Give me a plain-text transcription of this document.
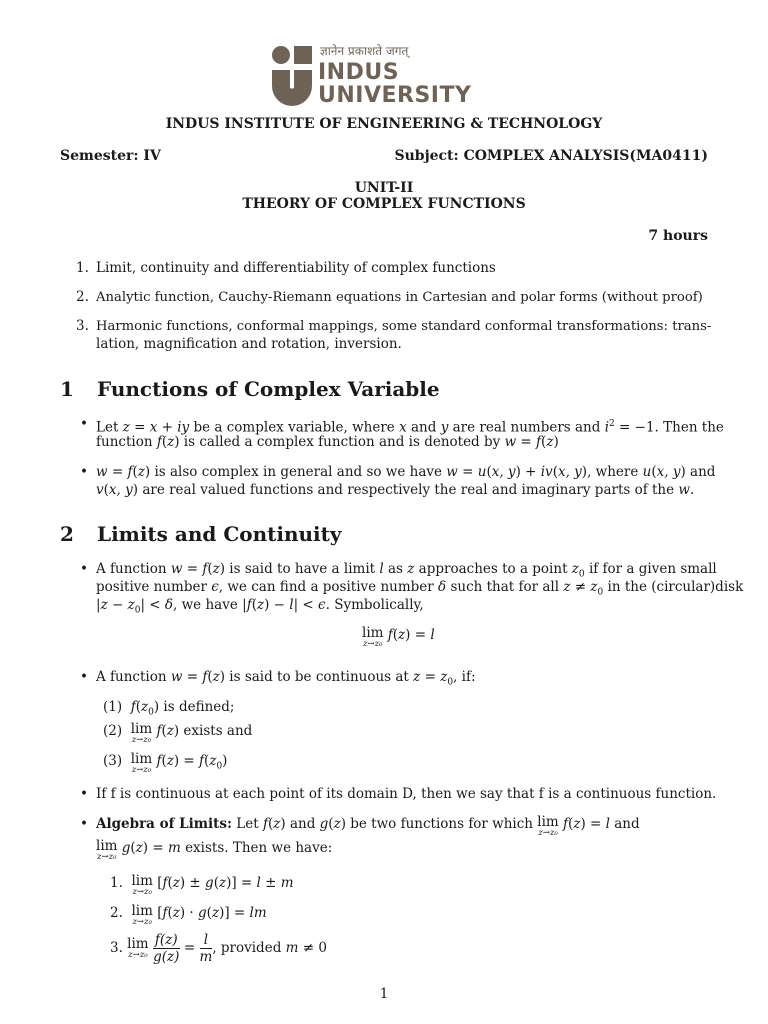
ज्ञानेन प्रकाशते जगत्
INDUS
UNIVERSITY
INDUS INSTITUTE OF ENGINEERING & TECHNOLOGY
Semester: IV	Subject: COMPLEX ANALYSIS(MA0411)
UNIT-II
THEORY OF COMPLEX FUNCTIONS
7 hours
1. Limit, continuity and differentiability of complex functions
2. Analytic function, Cauchy-Riemann equations in Cartesian and polar forms (without proof)
3. Harmonic functions, conformal mappings, some standard conformal transformations: trans-
lation, magnification and rotation, inversion.
1 Functions of Complex Variable
• Let z = x + iy be a complex variable, where x and y are real numbers and $i^2 = -1$. Then the
function f(z) is called a complex function and is denoted by w = f(z)
• w = f(z) is also complex in general and so we have w = u(x, y) + iv(x, y), where u(x, y) and
v(x, y) are real valued functions and respectively the real and imaginary parts of the w.
2 Limits and Continuity
• A function w = f(z) is said to have a limit l as z approaches to a point $z_0$ if for a given small
positive number ϵ, we can find a positive number δ such that for all $z \ne z_0$ in the (circular)disk
$|z - z_0| < \delta$, we have |f(z) − l| < ϵ. Symbolically,
lim
z→z₀
f(z) = l
• A function w = f(z) is said to be continuous at $z = z_0$, if:
(1)  $f(z_0)$ is defined;
(2)  lim
z→z₀
f(z) exists and
(3)  lim
z→z₀
$f(z) = f(z_0)$
• If f is continuous at each point of its domain D, then we say that f is a continuous function.
• Algebra of Limits: Let f(z) and g(z) be two functions for which lim
z→z₀
f(z) = l and
lim
z→z₀
g(z) = m exists. Then we have:
1.  lim
z→z₀
[f(z) ± g(z)] = l ± m
2.  lim
z→z₀
[f(z) · g(z)] = lm
3. lim
z→z₀
$\frac{f(z)}{g(z)} = \frac{l}{m}$ , provided m ≠ 0
1
